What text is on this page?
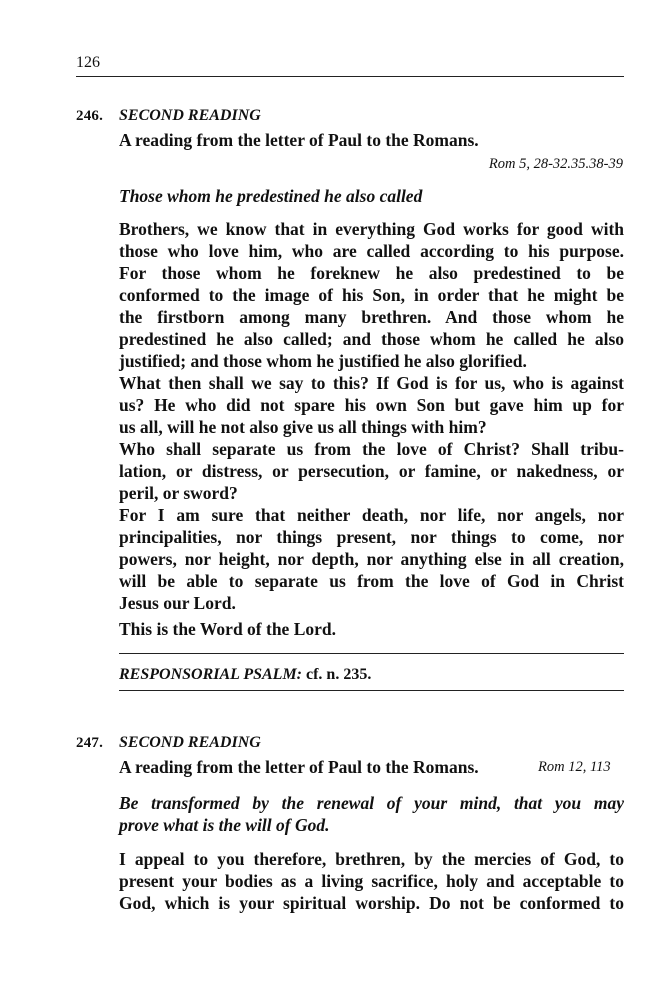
126
246. SECOND READING
A reading from the letter of Paul to the Romans.
Rom 5, 28-32.35.38-39
Those whom he predestined he also called
Brothers, we know that in everything God works for good with
those who love him, who are called according to his purpose.
For those whom he foreknew he also predestined to be
conformed to the image of his Son, in order that he might be
the firstborn among many brethren. And those whom he
predestined he also called; and those whom he called he also
justified; and those whom he justified he also glorified.
What then shall we say to this? If God is for us, who is against
us? He who did not spare his own Son but gave him up for
us all, will he not also give us all things with him?
Who shall separate us from the love of Christ? Shall tribu-
lation, or distress, or persecution, or famine, or nakedness, or
peril, or sword?
For I am sure that neither death, nor life, nor angels, nor
principalities, nor things present, nor things to come, nor
powers, nor height, nor depth, nor anything else in all creation,
will be able to separate us from the love of God in Christ
Jesus our Lord.
This is the Word of the Lord.
RESPONSORIAL PSALM: cf. n. 235.
247. SECOND READING
A reading from the letter of Paul to the Romans.	Rom 12, 113
Be transformed by the renewal of your mind, that you may
prove what is the will of God.
I appeal to you therefore, brethren, by the mercies of God, to
present your bodies as a living sacrifice, holy and acceptable to
God, which is your spiritual worship. Do not be conformed to
